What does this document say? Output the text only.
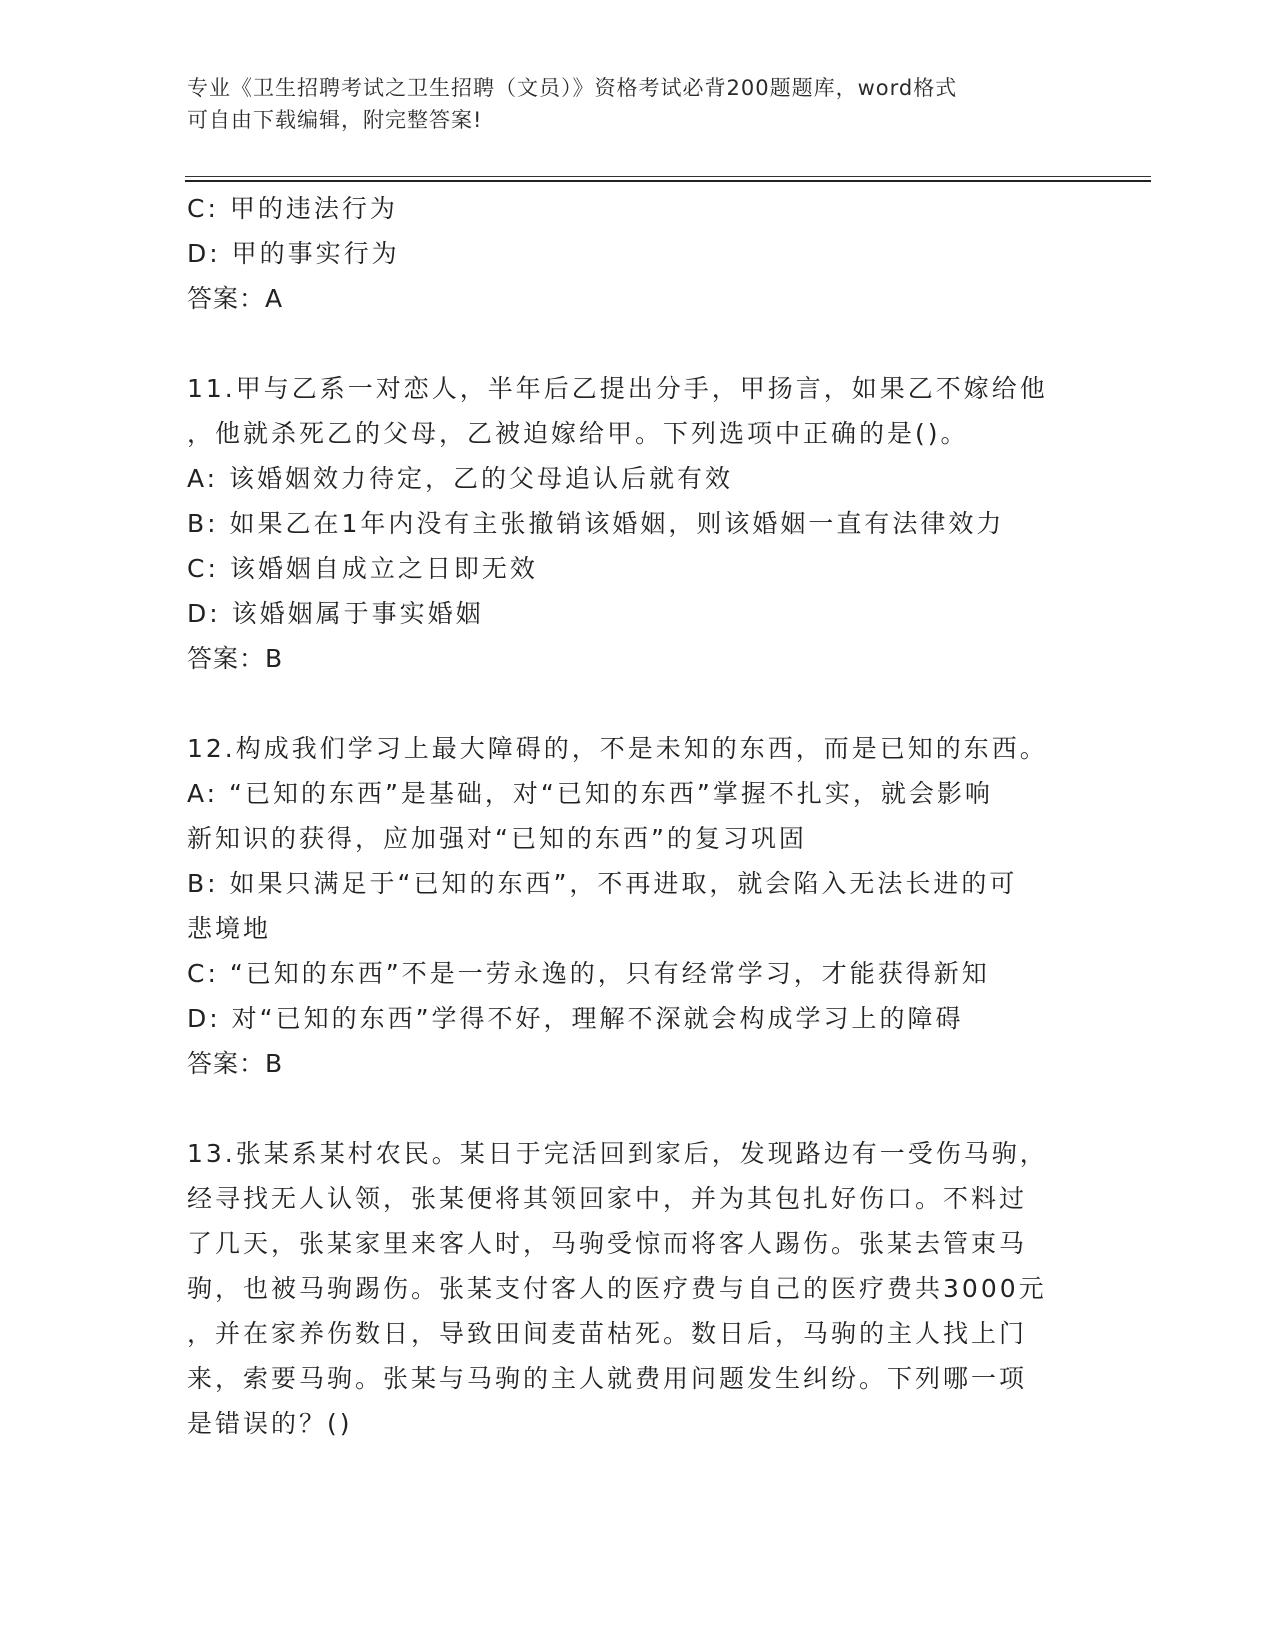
专业《卫生招聘考试之卫生招聘（文员）》资格考试必背200题题库，word格式
可自由下载编辑，附完整答案!
C: 甲的违法行为
D: 甲的事实行为
答案：A
11.甲与乙系一对恋人，半年后乙提出分手，甲扬言，如果乙不嫁给他
，他就杀死乙的父母，乙被迫嫁给甲。下列选项中正确的是()。
A: 该婚姻效力待定，乙的父母追认后就有效
B: 如果乙在1年内没有主张撤销该婚姻，则该婚姻一直有法律效力
C: 该婚姻自成立之日即无效
D: 该婚姻属于事实婚姻
答案：B
12.构成我们学习上最大障碍的，不是未知的东西，而是已知的东西。
A: “已知的东西”是基础，对“已知的东西”掌握不扎实，就会影响
新知识的获得，应加强对“已知的东西”的复习巩固
B: 如果只满足于“已知的东西”，不再进取，就会陷入无法长进的可
悲境地
C: “已知的东西”不是一劳永逸的，只有经常学习，才能获得新知
D: 对“已知的东西”学得不好，理解不深就会构成学习上的障碍
答案：B
13.张某系某村农民。某日于完活回到家后，发现路边有一受伤马驹，
经寻找无人认领，张某便将其领回家中，并为其包扎好伤口。不料过
了几天，张某家里来客人时，马驹受惊而将客人踢伤。张某去管束马
驹，也被马驹踢伤。张某支付客人的医疗费与自己的医疗费共3000元
，并在家养伤数日，导致田间麦苗枯死。数日后，马驹的主人找上门
来，索要马驹。张某与马驹的主人就费用问题发生纠纷。下列哪一项
是错误的？()
